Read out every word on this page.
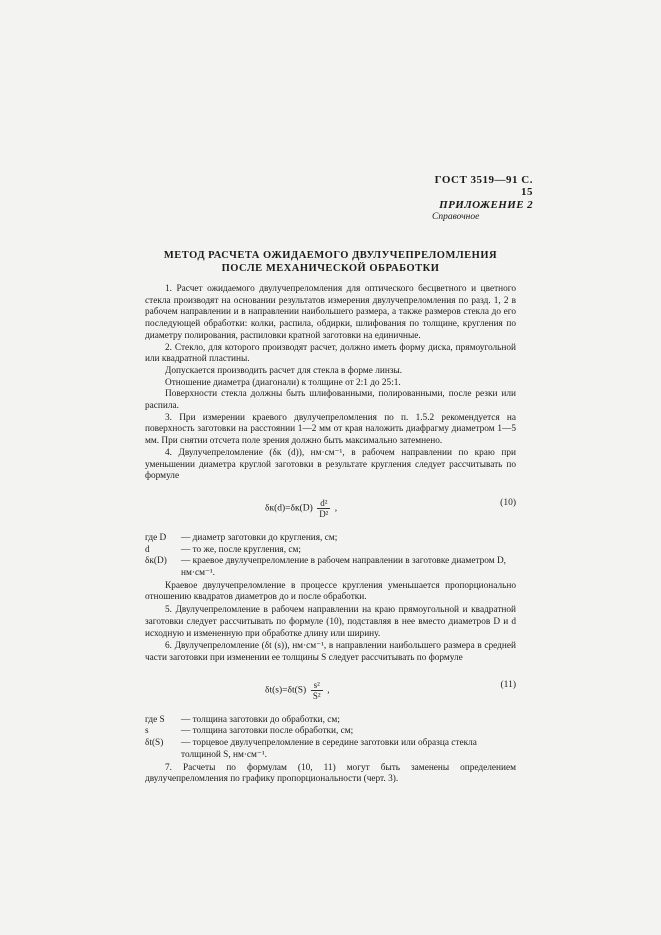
ГОСТ 3519—91 С. 15
ПРИЛОЖЕНИЕ 2
Справочное
МЕТОД РАСЧЕТА ОЖИДАЕМОГО ДВУЛУЧЕПРЕЛОМЛЕНИЯ
ПОСЛЕ МЕХАНИЧЕСКОЙ ОБРАБОТКИ

1. Расчет ожидаемого двулучепреломления для оптического бесцветного и цветного стекла производят на основании результатов измерения двулучепреломления по разд. 1, 2 в рабочем направлении и в направлении наибольшего размера, а также размеров стекла до его последующей обработки: колки, распила, обдирки, шлифования по толщине, кругления по диаметру полирования, распиловки кратной заготовки на единичные.

2. Стекло, для которого производят расчет, должно иметь форму диска, прямоугольной или квадратной пластины.

Допускается производить расчет для стекла в форме линзы.

Отношение диаметра (диагонали) к толщине от 2:1 до 25:1.

Поверхности стекла должны быть шлифованными, полированными, после резки или распила.

3. При измерении краевого двулучепреломления по п. 1.5.2 рекомендуется на поверхность заготовки на расстоянии 1—2 мм от края наложить диафрагму диаметром 1—5 мм. При снятии отсчета поле зрения должно быть максимально затемнено.

4. Двулучепреломление (δк (d)), нм·см⁻¹, в рабочем направлении по краю при уменьшении диаметра круглой заготовки в результате кругления следует рассчитывать по формуле

$\delta к(d)=\delta к(D) \frac{\text{d²}}{\text{D²}}$ ,
(10)
где D	— диаметр заготовки до кругления, см;
d	— то же, после кругления, см;
δк(D)	— краевое двулучепреломление в рабочем направлении в заготовке диаметром D, нм·см⁻¹.

Краевое двулучепреломление в процессе кругления уменьшается пропорционально отношению квадратов диаметров до и после обработки.

5. Двулучепреломление в рабочем направлении на краю прямоугольной и квадратной заготовки следует рассчитывать по формуле (10), подставляя в нее вместо диаметров D и d исходную и измененную при обработке длину или ширину.

6. Двулучепреломление (δt (s)), нм·см⁻¹, в направлении наибольшего размера в средней части заготовки при изменении ее толщины S следует рассчитывать по формуле

$\delta t(s)=\delta t(S) \frac{\text{s²}}{\text{S²}}$ ,
(11)
где S	— толщина заготовки до обработки, см;
s	— толщина заготовки после обработки, см;
δt(S)	— торцевое двулучепреломление в середине заготовки или образца стекла толщиной S, нм·см⁻¹.

7. Расчеты по формулам (10, 11) могут быть заменены определением двулучепреломления по графику пропорциональности (черт. 3).
